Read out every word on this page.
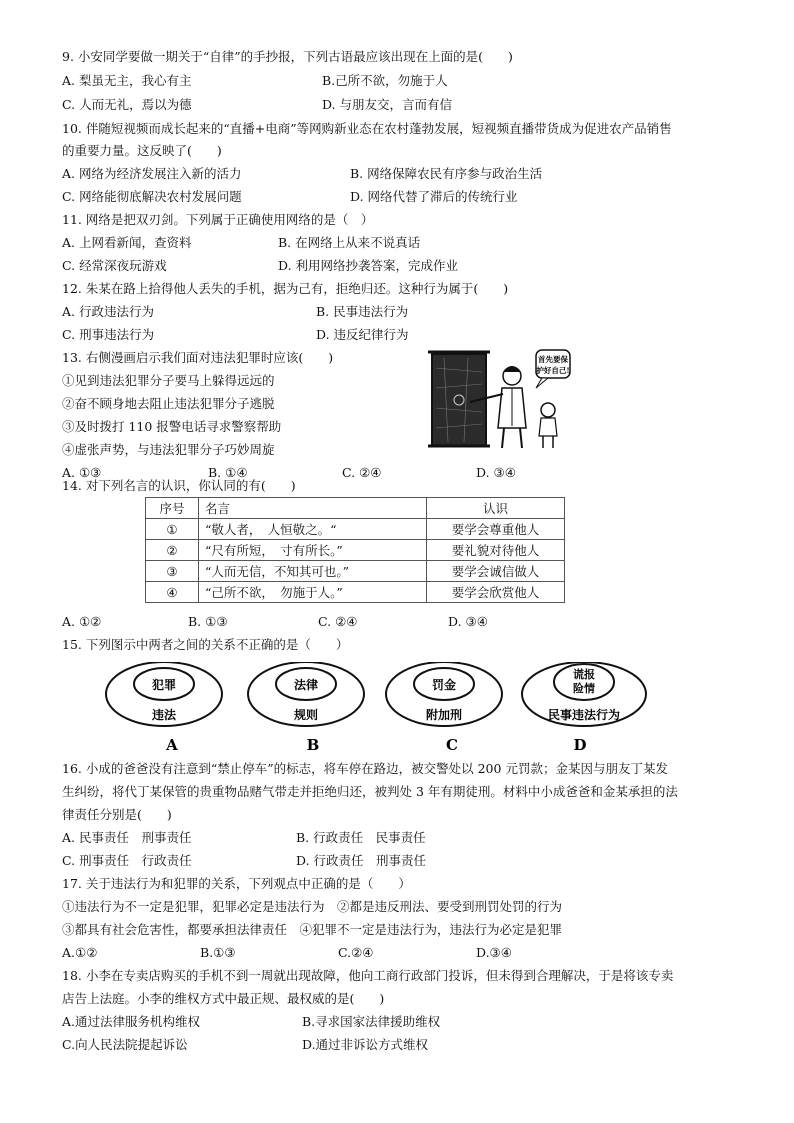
9. 小安同学要做一期关于“自律”的手抄报，下列古语最应该出现在上面的是(　　)
A. 梨虽无主，我心有主	B.己所不欲，勿施于人
C. 人而无礼，焉以为德	D. 与朋友交，言而有信
10. 伴随短视频而成长起来的“直播+电商”等网购新业态在农村蓬勃发展，短视频直播带货成为促进农产品销售
的重要力量。这反映了(　　)
A. 网络为经济发展注入新的活力	B. 网络保障农民有序参与政治生活
C. 网络能彻底解决农村发展问题	D. 网络代替了滞后的传统行业
11. 网络是把双刃剑。下列属于正确使用网络的是（　）
A. 上网看新闻，查资料	B. 在网络上从来不说真话
C. 经常深夜玩游戏	D. 利用网络抄袭答案，完成作业
12. 朱某在路上拾得他人丢失的手机，据为己有，拒绝归还。这种行为属于(　　)
A. 行政违法行为	B. 民事违法行为
C. 刑事违法行为	D. 违反纪律行为
13. 右侧漫画启示我们面对违法犯罪时应该(　　)
①见到违法犯罪分子要马上躲得远远的
②奋不顾身地去阻止违法犯罪分子逃脱
③及时拨打 110 报警电话寻求警察帮助
④虚张声势，与违法犯罪分子巧妙周旋
A. ①③	B. ①④	C. ②④	D. ③④
首先要保
护好自己!
14. 对下列名言的认识，你认同的有(　　)
序号	名言	认识
①	“敬人者，　人恒敬之。“	要学会尊重他人
②	“尺有所短，　寸有所长。”	要礼貌对待他人
③	“人而无信，不知其可也。”	要学会诚信做人
④	“己所不欲，　勿施于人。”	要学会欣赏他人
A. ①②	B. ①③	C. ②④	D. ③④
15. 下列图示中两者之间的关系不正确的是（　　）
犯罪
违法
A
法律
规则
B
罚金
附加刑
C
谎报
险情
民事违法行为
D
16. 小成的爸爸没有注意到“禁止停车”的标志，将车停在路边，被交警处以 200 元罚款；金某因与朋友丁某发
生纠纷，将代丁某保管的贵重物品赌气带走并拒绝归还，被判处 3 年有期徒刑。材料中小成爸爸和金某承担的法
律责任分别是(　　)
A. 民事责任　刑事责任	B. 行政责任　民事责任
C. 刑事责任　行政责任	D. 行政责任　刑事责任
17. 关于违法行为和犯罪的关系，下列观点中正确的是（　　）
①违法行为不一定是犯罪，犯罪必定是违法行为　②都是违反刑法、要受到刑罚处罚的行为
③都具有社会危害性，都要承担法律责任　④犯罪不一定是违法行为，违法行为必定是犯罪
A.①②	B.①③	C.②④	D.③④
18. 小李在专卖店购买的手机不到一周就出现故障，他向工商行政部门投诉，但未得到合理解决，于是将该专卖
店告上法庭。小李的维权方式中最正规、最权威的是(　　)
A.通过法律服务机构维权	B.寻求国家法律援助维权
C.向人民法院提起诉讼	D.通过非诉讼方式维权
